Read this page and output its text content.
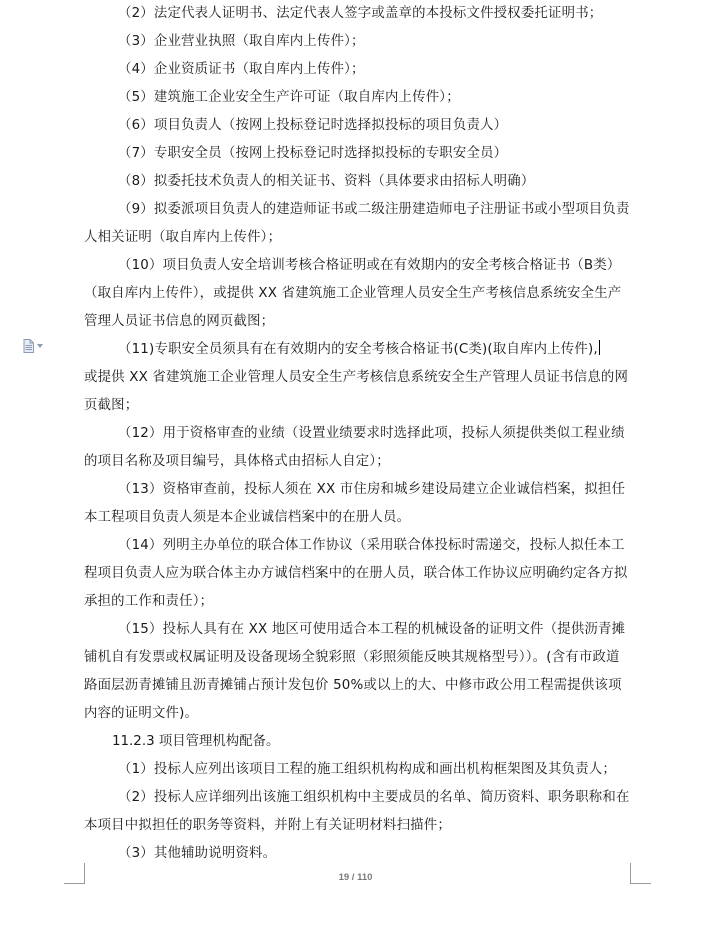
（2）法定代表人证明书、法定代表人签字或盖章的本投标文件授权委托证明书；

（3）企业营业执照（取自库内上传件）；

（4）企业资质证书（取自库内上传件）；

（5）建筑施工企业安全生产许可证（取自库内上传件）；

（6）项目负责人（按网上投标登记时选择拟投标的项目负责人）

（7）专职安全员（按网上投标登记时选择拟投标的专职安全员）

（8）拟委托技术负责人的相关证书、资料（具体要求由招标人明确）

（9）拟委派项目负责人的建造师证书或二级注册建造师电子注册证书或小型项目负责人相关证明（取自库内上传件）；

（10）项目负责人安全培训考核合格证明或在有效期内的安全考核合格证书（B类）（取自库内上传件），或提供 XX 省建筑施工企业管理人员安全生产考核信息系统安全生产管理人员证书信息的网页截图；

（11)专职安全员须具有在有效期内的安全考核合格证书(C类)(取自库内上传件),

或提供 XX 省建筑施工企业管理人员安全生产考核信息系统安全生产管理人员证书信息的网页截图；

（12）用于资格审查的业绩（设置业绩要求时选择此项，投标人须提供类似工程业绩的项目名称及项目编号，具体格式由招标人自定）；

（13）资格审查前，投标人须在 XX 市住房和城乡建设局建立企业诚信档案，拟担任本工程项目负责人须是本企业诚信档案中的在册人员。

（14）列明主办单位的联合体工作协议（采用联合体投标时需递交，投标人拟任本工程项目负责人应为联合体主办方诚信档案中的在册人员，联合体工作协议应明确约定各方拟承担的工作和责任）；

（15）投标人具有在 XX 地区可使用适合本工程的机械设备的证明文件（提供沥青摊铺机自有发票或权属证明及设备现场全貌彩照（彩照须能反映其规格型号））。(含有市政道路面层沥青摊铺且沥青摊铺占预计发包价 50%或以上的大、中修市政公用工程需提供该项内容的证明文件)。

11.2.3 项目管理机构配备。

（1）投标人应列出该项目工程的施工组织机构构成和画出机构框架图及其负责人；

（2）投标人应详细列出该施工组织机构中主要成员的名单、简历资料、职务职称和在本项目中拟担任的职务等资料，并附上有关证明材料扫描件；

（3）其他辅助说明资料。

19 / 110
